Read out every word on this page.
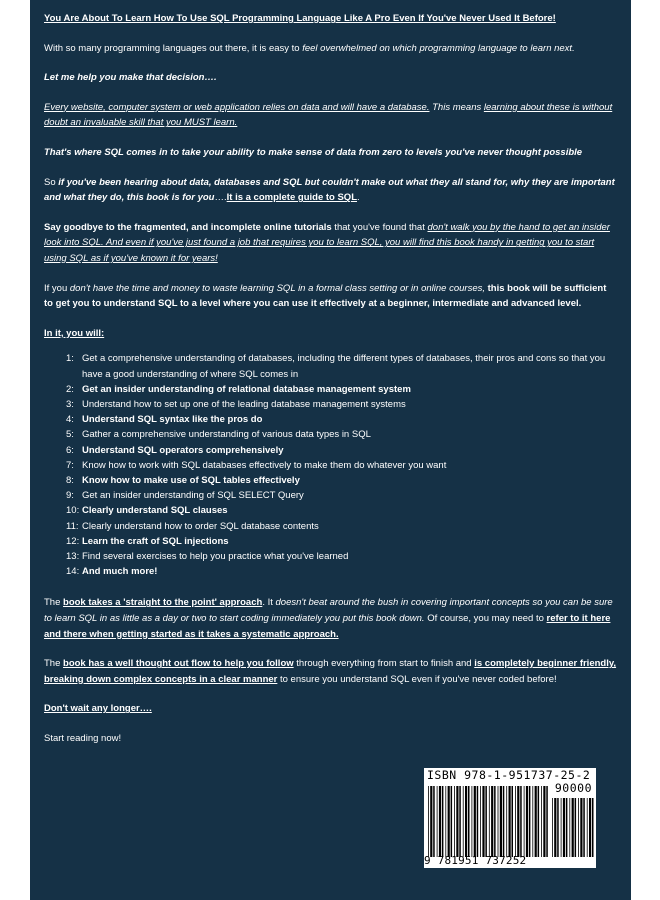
You Are About To Learn How To Use SQL Programming Language Like A Pro Even If You've Never Used It Before!

With so many programming languages out there, it is easy to feel overwhelmed on which programming language to learn next.

Let me help you make that decision….

Every website, computer system or web application relies on data and will have a database. This means learning about these is without doubt an invaluable skill that you MUST learn.

That's where SQL comes in to take your ability to make sense of data from zero to levels you've never thought possible

So if you've been hearing about data, databases and SQL but couldn't make out what they all stand for, why they are important and what they do, this book is for you….It is a complete guide to SQL.

Say goodbye to the fragmented, and incomplete online tutorials that you've found that don't walk you by the hand to get an insider look into SQL. And even if you've just found a job that requires you to learn SQL, you will find this book handy in getting you to start using SQL as if you've known it for years!

If you don't have the time and money to waste learning SQL in a formal class setting or in online courses, this book will be sufficient to get you to understand SQL to a level where you can use it effectively at a beginner, intermediate and advanced level.

In it, you will:

1: Get a comprehensive understanding of databases, including the different types of databases, their pros and cons so that you have a good understanding of where SQL comes in
2: Get an insider understanding of relational database management system
3: Understand how to set up one of the leading database management systems
4: Understand SQL syntax like the pros do
5: Gather a comprehensive understanding of various data types in SQL
6: Understand SQL operators comprehensively
7: Know how to work with SQL databases effectively to make them do whatever you want
8: Know how to make use of SQL tables effectively
9: Get an insider understanding of SQL SELECT Query
10: Clearly understand SQL clauses
11: Clearly understand how to order SQL database contents
12: Learn the craft of SQL injections
13: Find several exercises to help you practice what you've learned
14: And much more!

The book takes a 'straight to the point' approach. It doesn't beat around the bush in covering important concepts so you can be sure to learn SQL in as little as a day or two to start coding immediately you put this book down. Of course, you may need to refer to it here and there when getting started as it takes a systematic approach.

The book has a well thought out flow to help you follow through everything from start to finish and is completely beginner friendly, breaking down complex concepts in a clear manner to ensure you understand SQL even if you've never coded before!

Don't wait any longer….

Start reading now!

ISBN 978-1-951737-25-2
90000
9 781951 737252
